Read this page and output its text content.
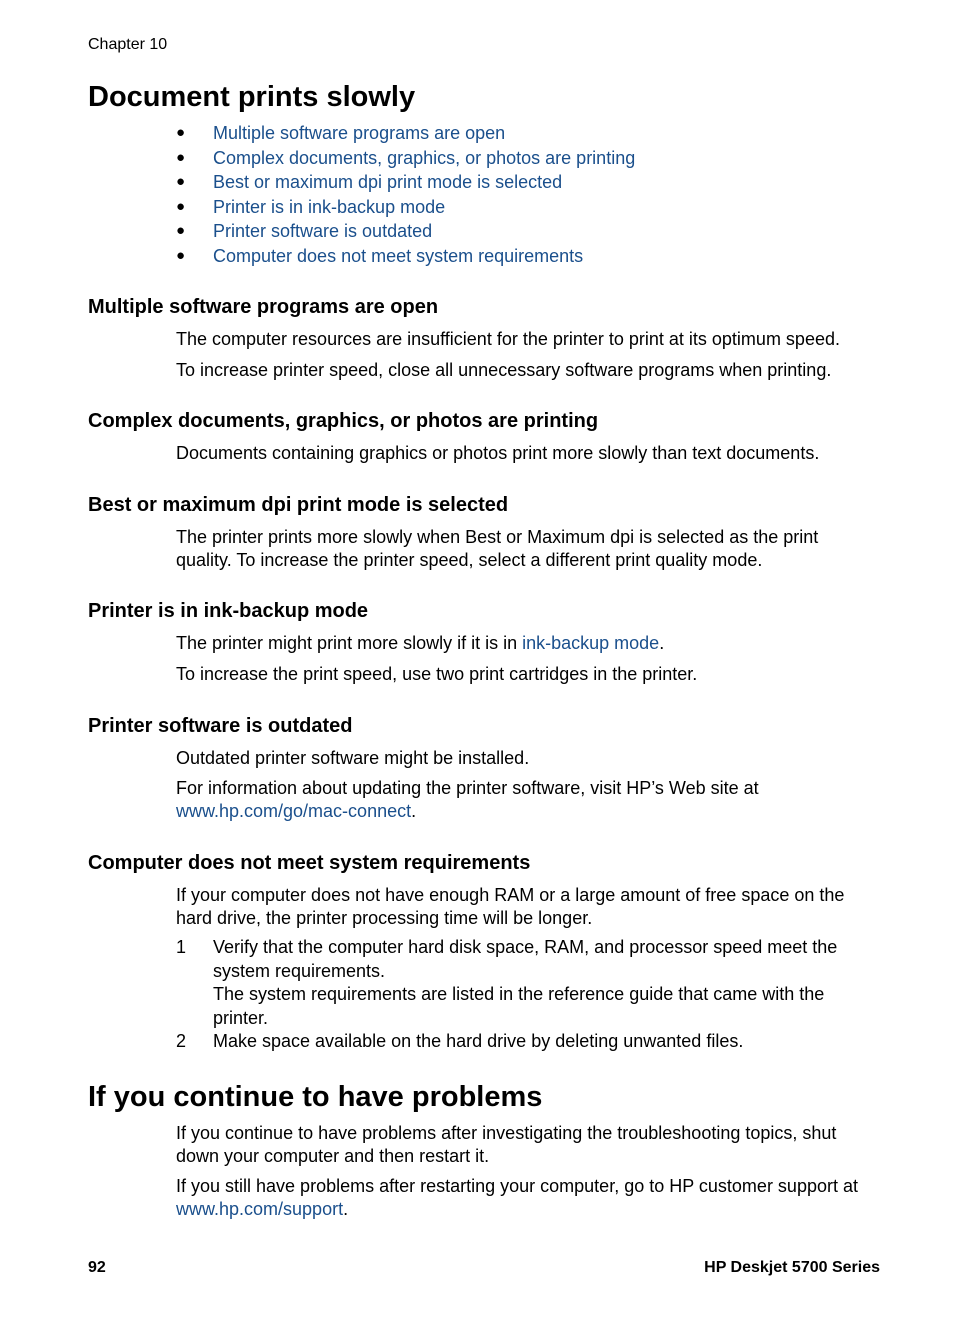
Chapter 10
Document prints slowly
● Multiple software programs are open
● Complex documents, graphics, or photos are printing
● Best or maximum dpi print mode is selected
● Printer is in ink-backup mode
● Printer software is outdated
● Computer does not meet system requirements
Multiple software programs are open

The computer resources are insufficient for the printer to print at its optimum speed.

To increase printer speed, close all unnecessary software programs when printing.

Complex documents, graphics, or photos are printing

Documents containing graphics or photos print more slowly than text documents.

Best or maximum dpi print mode is selected

The printer prints more slowly when Best or Maximum dpi is selected as the print quality. To increase the printer speed, select a different print quality mode.

Printer is in ink-backup mode

The printer might print more slowly if it is in ink-backup mode.

To increase the print speed, use two print cartridges in the printer.

Printer software is outdated

Outdated printer software might be installed.

For information about updating the printer software, visit HP’s Web site at
www.hp.com/go/mac-connect.

Computer does not meet system requirements

If your computer does not have enough RAM or a large amount of free space on the hard drive, the printer processing time will be longer.

1 Verify that the computer hard disk space, RAM, and processor speed meet the system requirements.
The system requirements are listed in the reference guide that came with the printer.
2 Make space available on the hard drive by deleting unwanted files.
If you continue to have problems

If you continue to have problems after investigating the troubleshooting topics, shut down your computer and then restart it.

If you still have problems after restarting your computer, go to HP customer support at
www.hp.com/support.

92	HP Deskjet 5700 Series
